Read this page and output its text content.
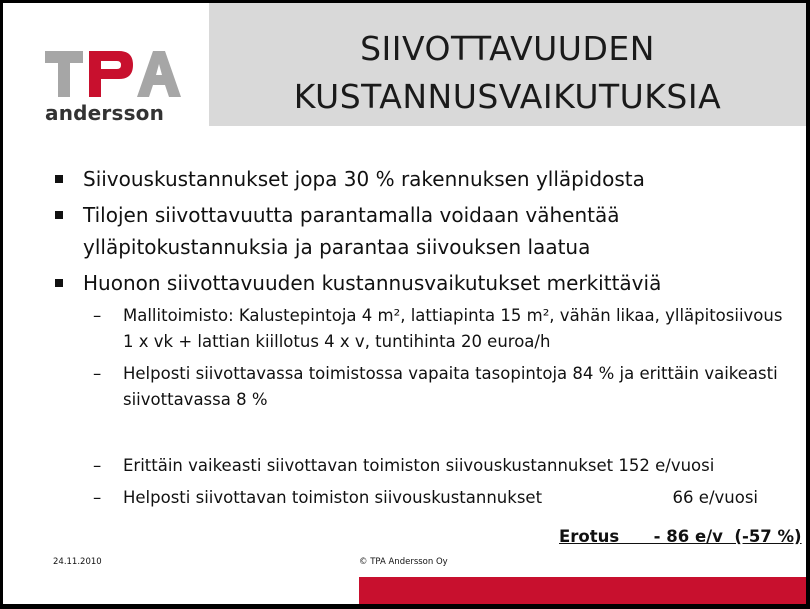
SIIVOTTAVUUDEN
KUSTANNUSVAIKUTUKSIA
andersson
Siivouskustannukset jopa 30 % rakennuksen ylläpidosta
Tilojen siivottavuutta parantamalla voidaan vähentää ylläpitokustannuksia ja parantaa siivouksen laatua
Huonon siivottavuuden kustannusvaikutukset merkittäviä
– Mallitoimisto: Kalustepintoja 4 m², lattiapinta 15 m², vähän likaa, ylläpitosiivous 1 x vk + lattian kiillotus 4 x v, tuntihinta 20 euroa/h
– Helposti siivottavassa toimistossa vapaita tasopintoja 84 % ja erittäin vaikeasti siivottavassa 8 %
– Erittäin vaikeasti siivottavan toimiston siivouskustannukset 152 e/vuosi
– Helposti siivottavan toimiston siivouskustannukset	66 e/vuosi
Erotus      - 86 e/v  (-57 %)
24.11.2010	© TPA Andersson Oy
